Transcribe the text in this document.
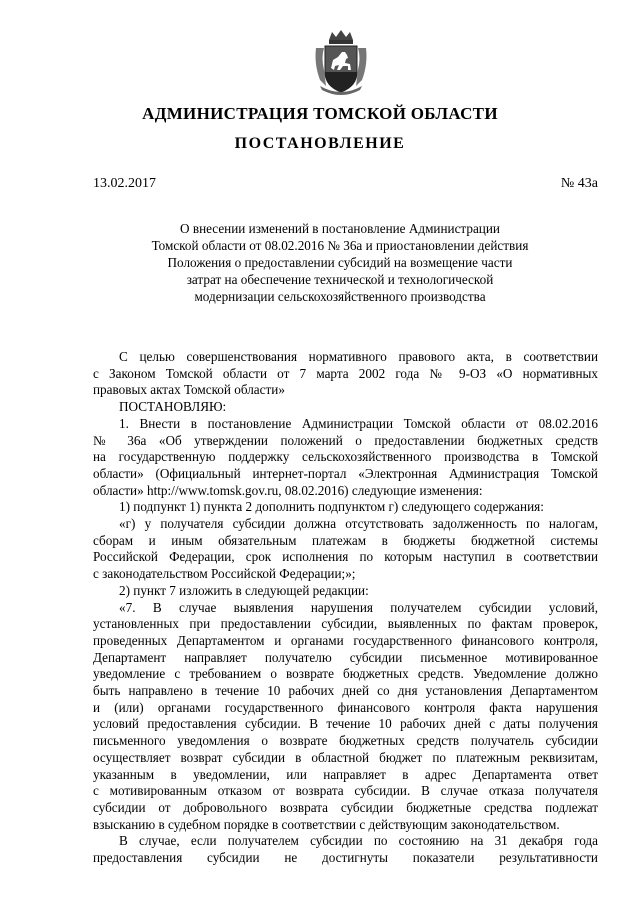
АДМИНИСТРАЦИЯ ТОМСКОЙ ОБЛАСТИ
ПОСТАНОВЛЕНИЕ
13.02.2017	№ 43а
О внесении изменений в постановление Администрации
Томской области от 08.02.2016 № 36а и приостановлении действия
Положения о предоставлении субсидий на возмещение части
затрат на обеспечение технической и технологической
модернизации сельскохозяйственного производства
С целью совершенствования нормативного правового акта, в соответствии
с Законом Томской области от 7 марта 2002 года № 9-ОЗ «О нормативных
правовых актах Томской области»
ПОСТАНОВЛЯЮ:
1. Внести в постановление Администрации Томской области от 08.02.2016
№ 36а «Об утверждении положений о предоставлении бюджетных средств
на государственную поддержку сельскохозяйственного производства в Томской
области» (Официальный интернет-портал «Электронная Администрация Томской
области» http://www.tomsk.gov.ru, 08.02.2016) следующие изменения:
1) подпункт 1) пункта 2 дополнить подпунктом г) следующего содержания:
«г) у получателя субсидии должна отсутствовать задолженность по налогам,
сборам и иным обязательным платежам в бюджеты бюджетной системы
Российской Федерации, срок исполнения по которым наступил в соответствии
с законодательством Российской Федерации;»;
2) пункт 7 изложить в следующей редакции:
«7. В случае выявления нарушения получателем субсидии условий,
установленных при предоставлении субсидии, выявленных по фактам проверок,
проведенных Департаментом и органами государственного финансового контроля,
Департамент направляет получателю субсидии письменное мотивированное
уведомление с требованием о возврате бюджетных средств. Уведомление должно
быть направлено в течение 10 рабочих дней со дня установления Департаментом
и (или) органами государственного финансового контроля факта нарушения
условий предоставления субсидии. В течение 10 рабочих дней с даты получения
письменного уведомления о возврате бюджетных средств получатель субсидии
осуществляет возврат субсидии в областной бюджет по платежным реквизитам,
указанным в уведомлении, или направляет в адрес Департамента ответ
с мотивированным отказом от возврата субсидии. В случае отказа получателя
субсидии от добровольного возврата субсидии бюджетные средства подлежат
взысканию в судебном порядке в соответствии с действующим законодательством.
В случае, если получателем субсидии по состоянию на 31 декабря года
предоставления субсидии не достигнуты показатели результативности
